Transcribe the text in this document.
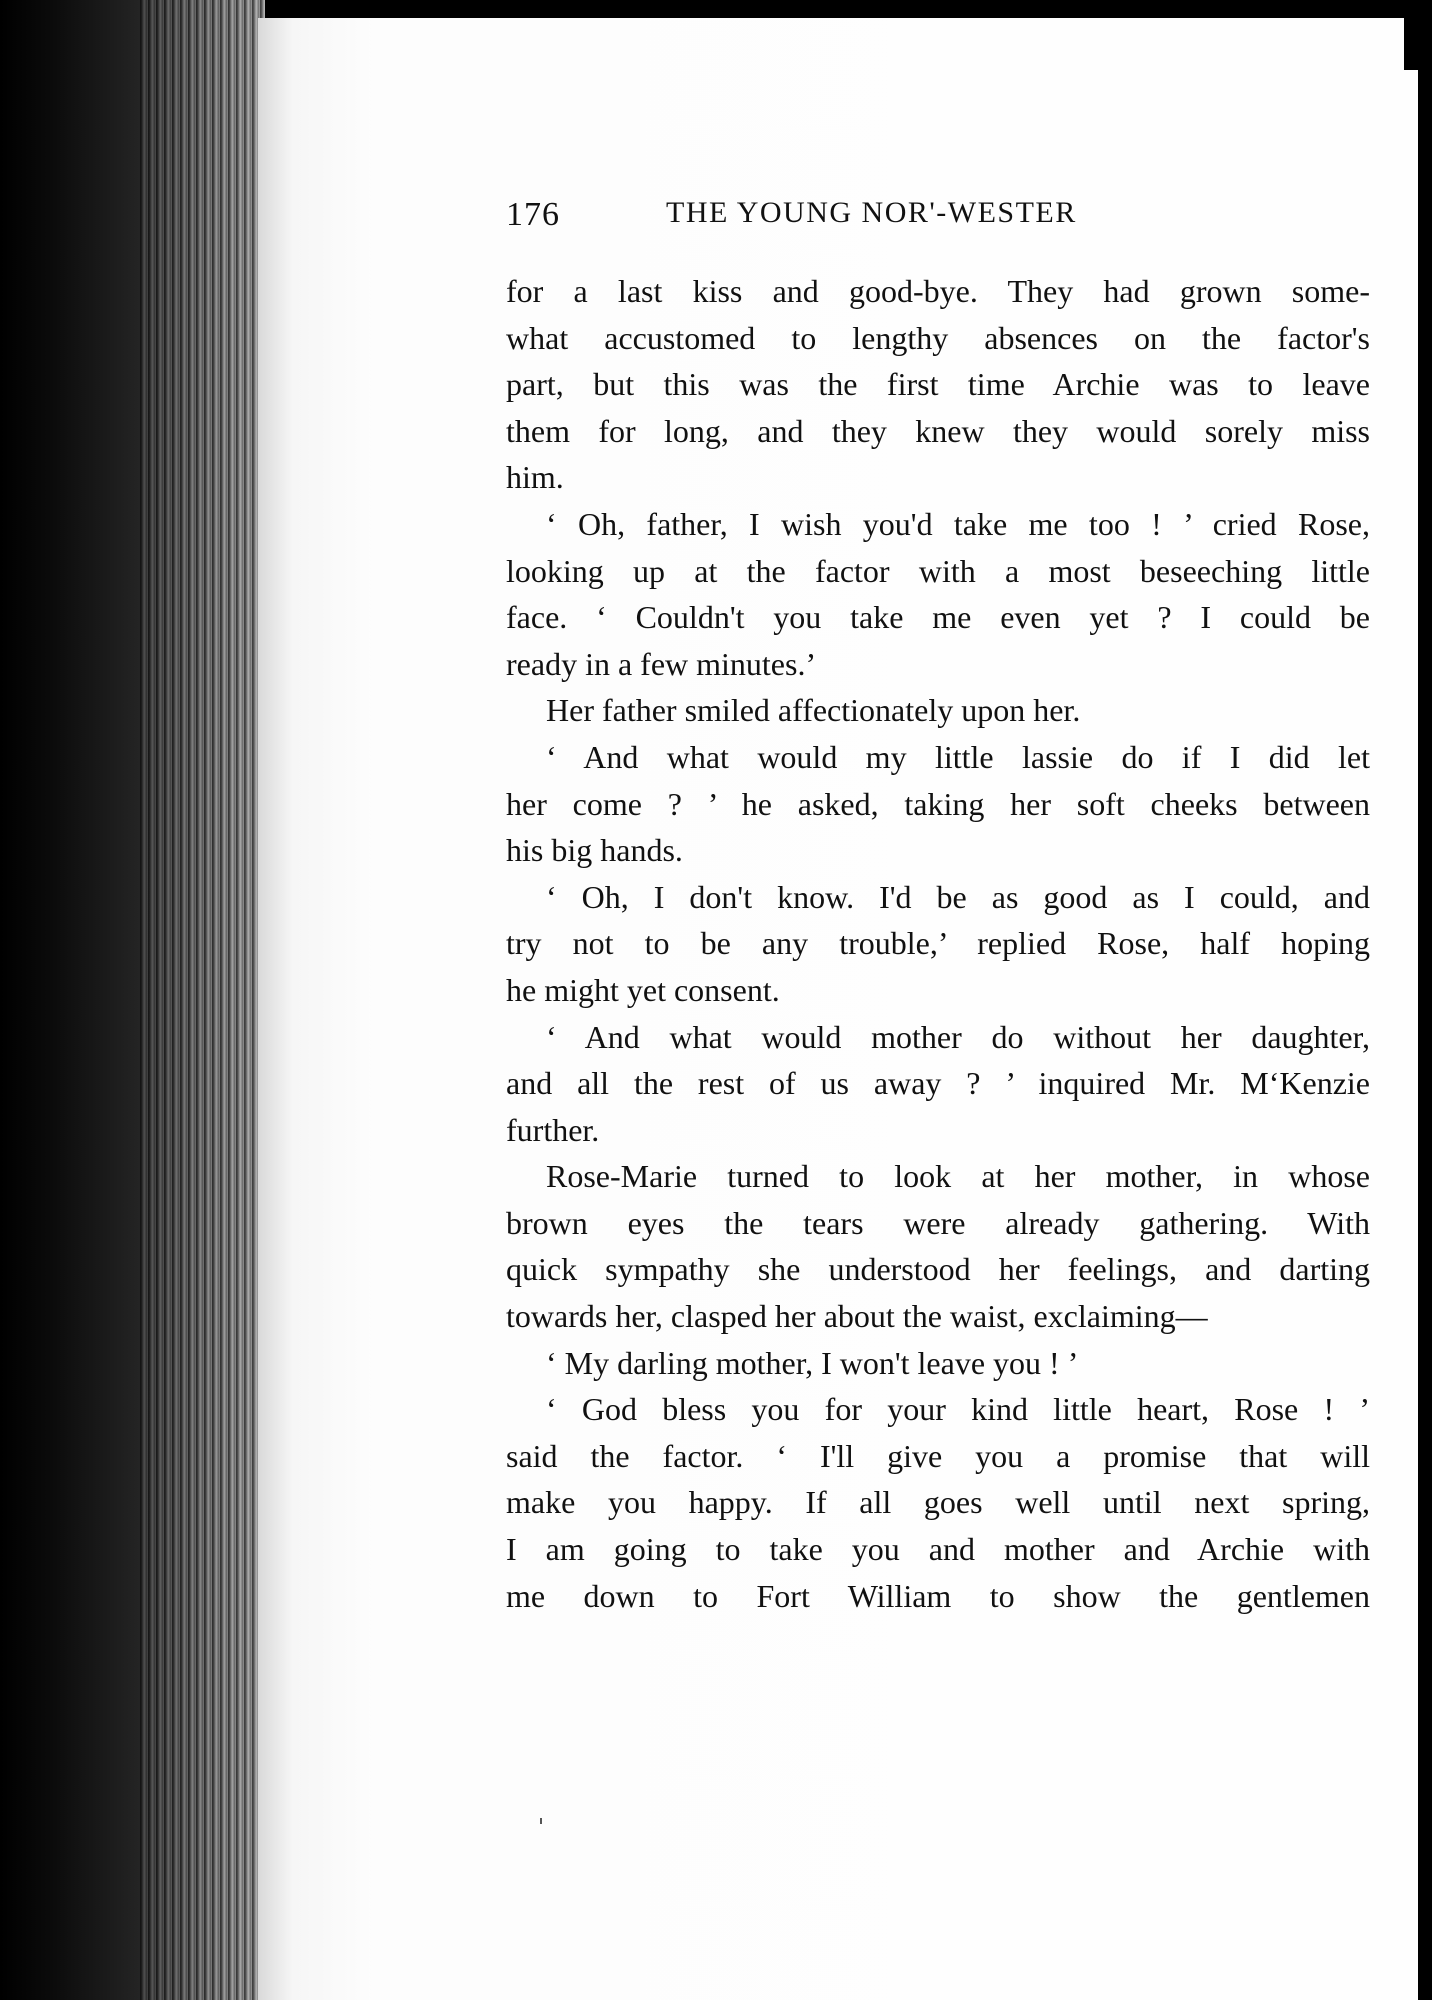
176	THE YOUNG NOR'-WESTER
for a last kiss and good-bye. They had grown some-
what accustomed to lengthy absences on the factor's
part, but this was the first time Archie was to leave
them for long, and they knew they would sorely miss
him.
‘ Oh, father, I wish you'd take me too ! ’ cried Rose,
looking up at the factor with a most beseeching little
face. ‘ Couldn't you take me even yet ? I could be
ready in a few minutes.’
Her father smiled affectionately upon her.
‘ And what would my little lassie do if I did let
her come ? ’ he asked, taking her soft cheeks between
his big hands.
‘ Oh, I don't know. I'd be as good as I could, and
try not to be any trouble,’ replied Rose, half hoping
he might yet consent.
‘ And what would mother do without her daughter,
and all the rest of us away ? ’ inquired Mr. M‘Kenzie
further.
Rose-Marie turned to look at her mother, in whose
brown eyes the tears were already gathering. With
quick sympathy she understood her feelings, and darting
towards her, clasped her about the waist, exclaiming—
‘ My darling mother, I won't leave you ! ’
‘ God bless you for your kind little heart, Rose ! ’
said the factor. ‘ I'll give you a promise that will
make you happy. If all goes well until next spring,
I am going to take you and mother and Archie with
me down to Fort William to show the gentlemen
